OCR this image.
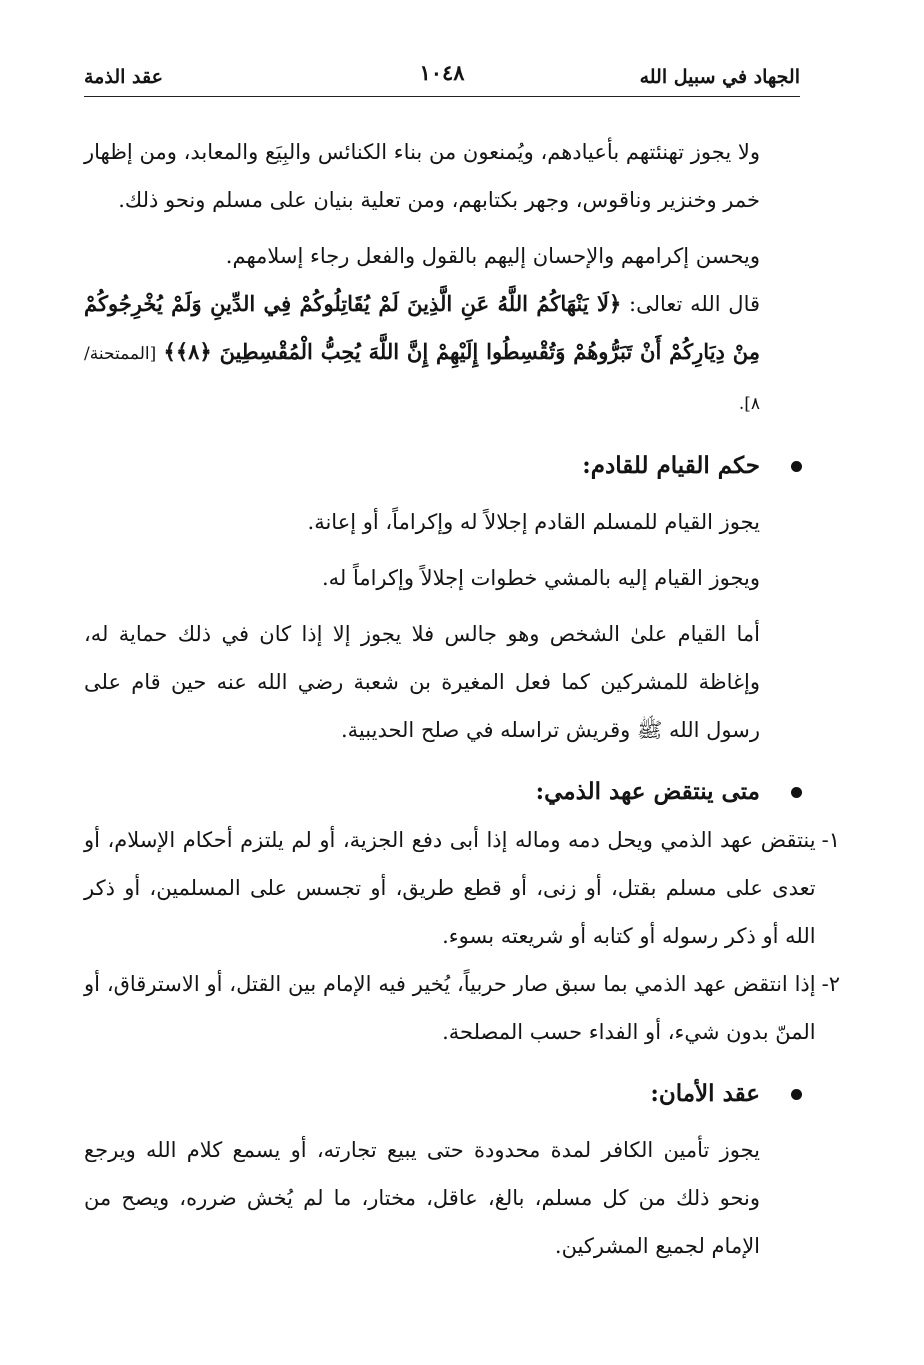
الجهاد في سبيل الله
١٠٤٨
عقد الذمة

ولا يجوز تهنئتهم بأعيادهم، ويُمنعون من بناء الكنائس والبِيَع والمعابد، ومن إظهار خمر وخنزير وناقوس، وجهر بكتابهم، ومن تعلية بنيان على مسلم ونحو ذلك.

ويحسن إكرامهم والإحسان إليهم بالقول والفعل رجاء إسلامهم.

قال الله تعالى: ﴿لَا يَنْهَاكُمُ اللَّهُ عَنِ الَّذِينَ لَمْ يُقَاتِلُوكُمْ فِي الدِّينِ وَلَمْ يُخْرِجُوكُمْ مِنْ دِيَارِكُمْ أَنْ تَبَرُّوهُمْ وَتُقْسِطُوا إِلَيْهِمْ إِنَّ اللَّهَ يُحِبُّ الْمُقْسِطِينَ ﴿٨﴾﴾ [الممتحنة/ ٨].

حكم القيام للقادم:

يجوز القيام للمسلم القادم إجلالاً له وإكراماً، أو إعانة.

ويجوز القيام إليه بالمشي خطوات إجلالاً وإكراماً له.

أما القيام علىٰ الشخص وهو جالس فلا يجوز إلا إذا كان في ذلك حماية له، وإغاظة للمشركين كما فعل المغيرة بن شعبة رضي الله عنه حين قام على رسول الله ﷺ وقريش تراسله في صلح الحديبية.

متى ينتقض عهد الذمي:
١-

ينتقض عهد الذمي ويحل دمه وماله إذا أبى دفع الجزية، أو لم يلتزم أحكام الإسلام، أو تعدى على مسلم بقتل، أو زنى، أو قطع طريق، أو تجسس على المسلمين، أو ذكر الله أو ذكر رسوله أو كتابه أو شريعته بسوء.

٢-

إذا انتقض عهد الذمي بما سبق صار حربياً، يُخير فيه الإمام بين القتل، أو الاسترقاق، أو المنّ بدون شيء، أو الفداء حسب المصلحة.

عقد الأمان:

يجوز تأمين الكافر لمدة محدودة حتى يبيع تجارته، أو يسمع كلام الله ويرجع ونحو ذلك من كل مسلم، بالغ، عاقل، مختار، ما لم يُخش ضرره، ويصح من الإمام لجميع المشركين.
